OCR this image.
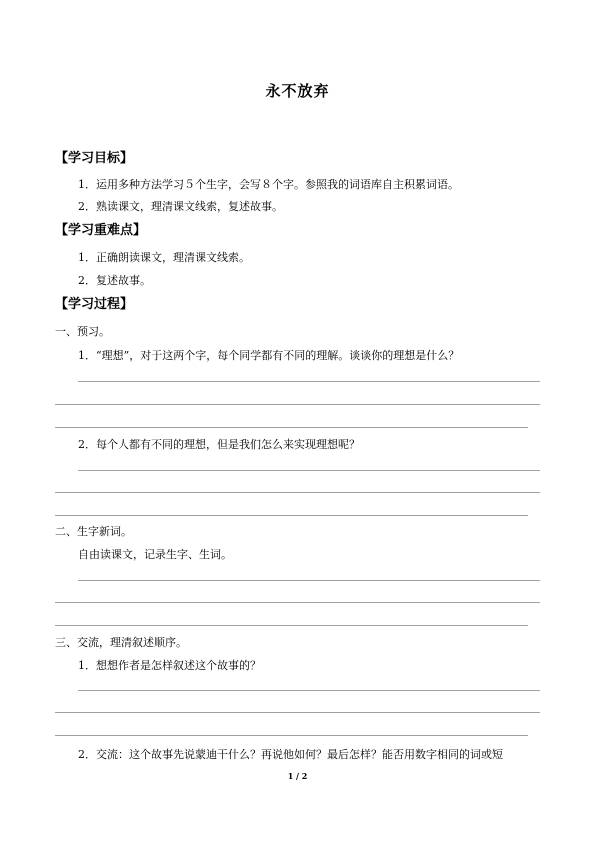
永不放弃
【学习目标】
1．运用多种方法学习５个生字，会写８个字。参照我的词语库自主积累词语。
2．熟读课文，理清课文线索，复述故事。
【学习重难点】
1．正确朗读课文，理清课文线索。
2．复述故事。
【学习过程】
一、预习。
1．“理想”，对于这两个字，每个同学都有不同的理解。谈谈你的理想是什么？
2．每个人都有不同的理想，但是我们怎么来实现理想呢？
二、生字新词。
自由读课文，记录生字、生词。
三、交流，理清叙述顺序。
1．想想作者是怎样叙述这个故事的？
2．交流：这个故事先说蒙迪干什么？再说他如何？最后怎样？能否用数字相同的词或短
1 / 2
